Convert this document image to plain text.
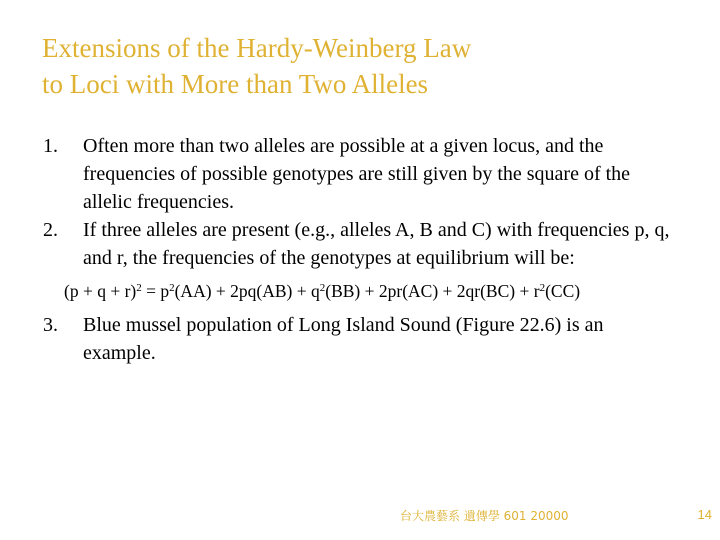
Extensions of the Hardy-Weinberg Law
to Loci with More than Two Alleles
1. Often more than two alleles are possible at a given locus, and the frequencies of possible genotypes are still given by the square of the allelic frequencies.
2. If three alleles are present (e.g., alleles A, B and C) with frequencies p, q, and r, the frequencies of the genotypes at equilibrium will be:
$(p + q + r)^2 = p^2(AA) + 2pq(AB) + q^2(BB) + 2pr(AC) + 2qr(BC) + r^2(CC)$
3. Blue mussel population of Long Island Sound (Figure 22.6) is an example.
台大農藝系 遺傳學 601 20000	14
